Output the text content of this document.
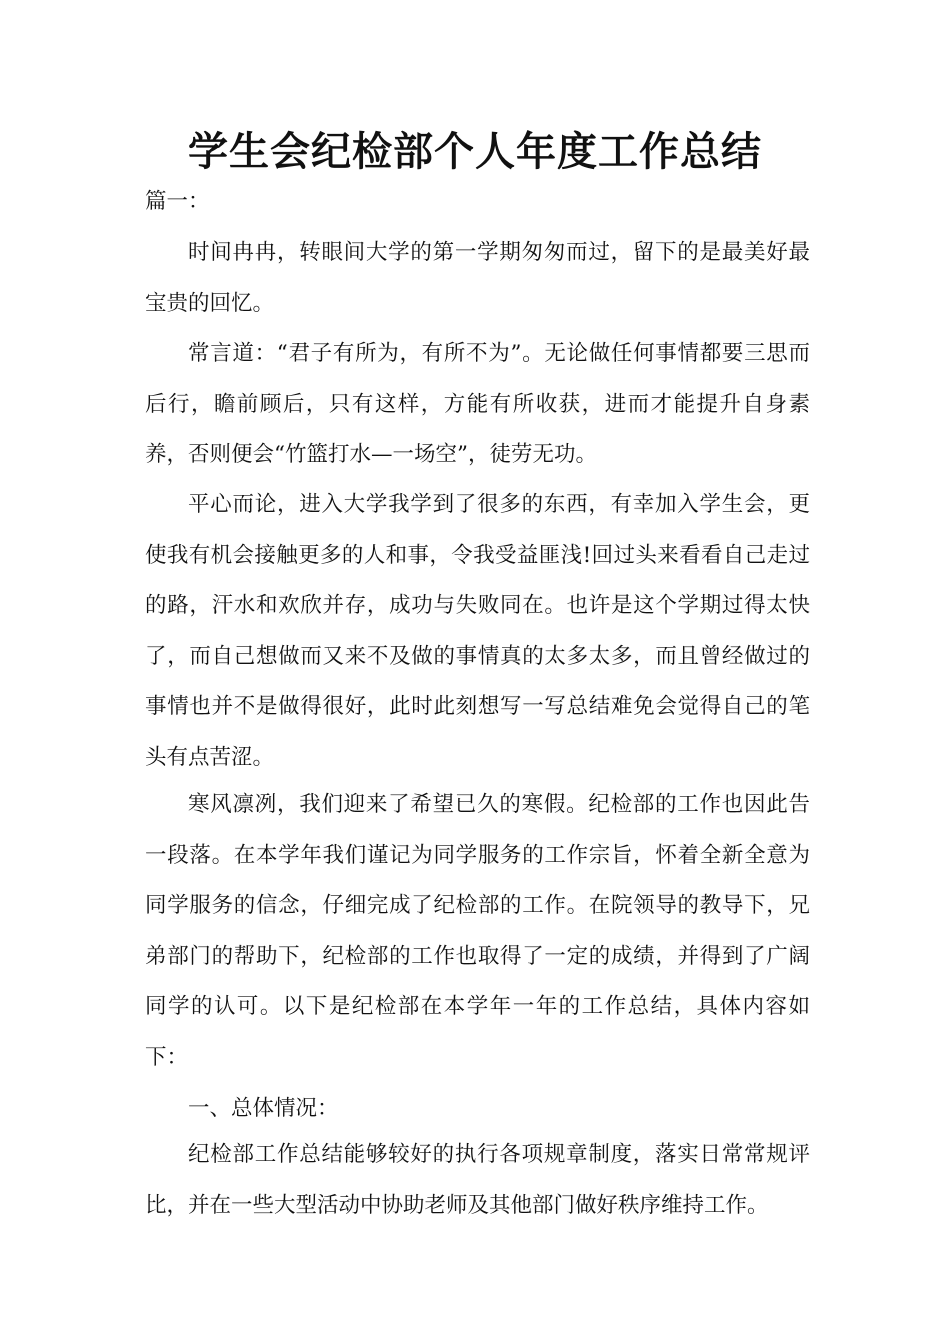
学生会纪检部个人年度工作总结

篇一：

时间冉冉，转眼间大学的第一学期匆匆而过，留下的是最美好最宝贵的回忆。

常言道：“君子有所为，有所不为”。无论做任何事情都要三思而后行，瞻前顾后，只有这样，方能有所收获，进而才能提升自身素养，否则便会“竹篮打水—一场空”，徒劳无功。

平心而论，进入大学我学到了很多的东西，有幸加入学生会，更使我有机会接触更多的人和事，令我受益匪浅!回过头来看看自己走过的路，汗水和欢欣并存，成功与失败同在。也许是这个学期过得太快了，而自己想做而又来不及做的事情真的太多太多，而且曾经做过的事情也并不是做得很好，此时此刻想写一写总结难免会觉得自己的笔头有点苦涩。

寒风凛冽，我们迎来了希望已久的寒假。纪检部的工作也因此告一段落。在本学年我们谨记为同学服务的工作宗旨，怀着全新全意为同学服务的信念，仔细完成了纪检部的工作。在院领导的教导下，兄弟部门的帮助下，纪检部的工作也取得了一定的成绩，并得到了广阔同学的认可。以下是纪检部在本学年一年的工作总结，具体内容如下：

一、总体情况：

纪检部工作总结能够较好的执行各项规章制度，落实日常常规评比，并在一些大型活动中协助老师及其他部门做好秩序维持工作。
